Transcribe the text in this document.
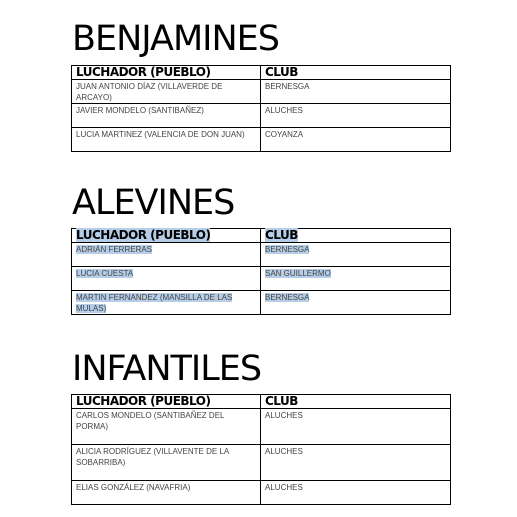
BENJAMINES
LUCHADOR (PUEBLO)	CLUB
JUAN ANTONIO DÍAZ (VILLAVERDE DE ARCAYO)	BERNESGA
JAVIER MONDELO (SANTIBAÑEZ)	ALUCHES
LUCIA MARTINEZ (VALENCIA DE DON JUAN)	COYANZA
ALEVINES
LUCHADOR (PUEBLO)	CLUB
ADRIÁN FERRERAS	BERNESGA
LUCIA CUESTA	SAN GUILLERMO
MARTIN FERNANDEZ (MANSILLA DE LAS MULAS)	BERNESGA
INFANTILES
LUCHADOR (PUEBLO)	CLUB
CARLOS MONDELO (SANTIBAÑEZ DEL PORMA)	ALUCHES
ALICIA RODRÍGUEZ (VILLAVENTE DE LA SOBARRIBA)	ALUCHES
ELIAS GONZÁLEZ (NAVAFRIA)	ALUCHES
